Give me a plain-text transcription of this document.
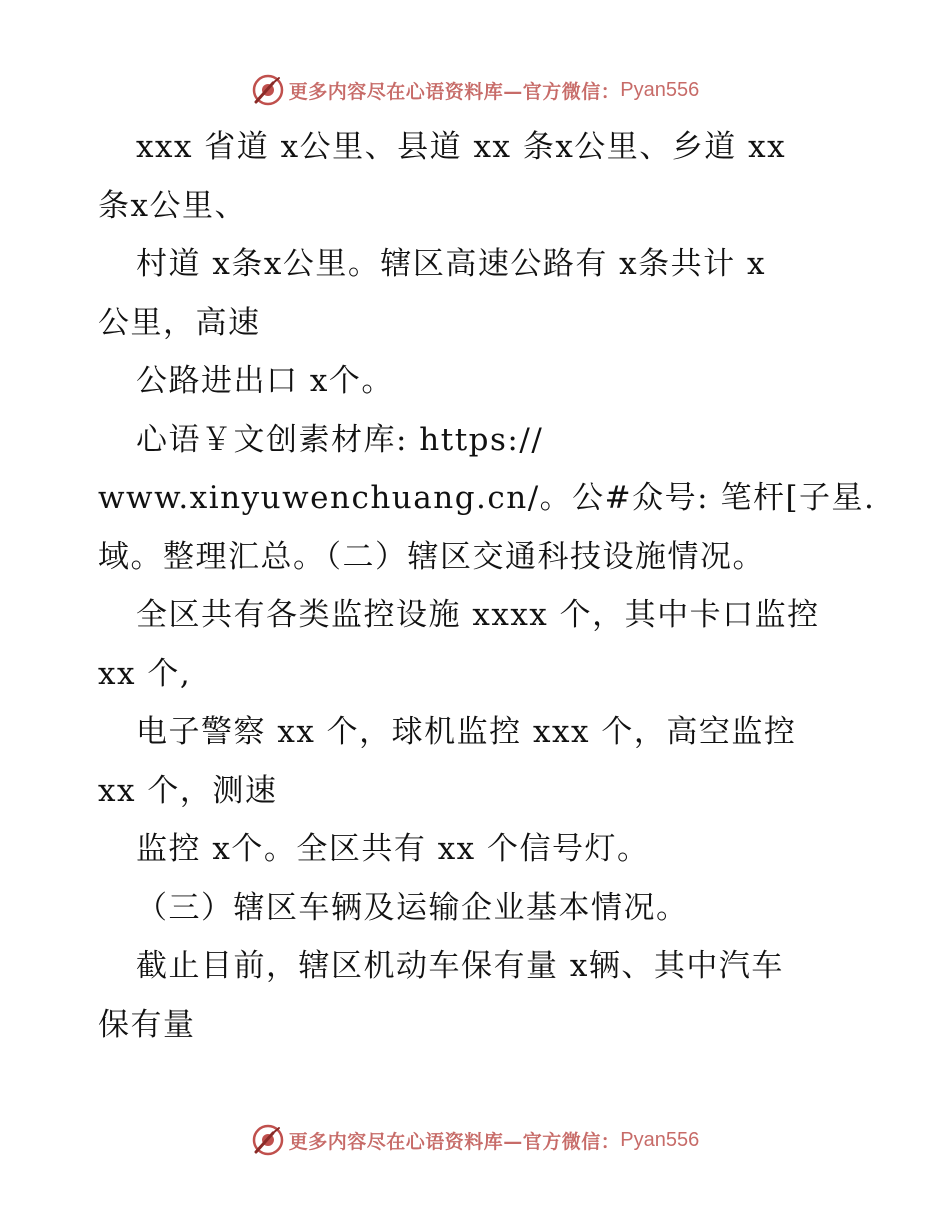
更多内容尽在心语资料库—官方微信： Pyan556
xxx 省道 x公里、县道 xx 条x公里、乡道 xx
条x公里、
村道 x条x公里。辖区高速公路有 x条共计 x
公里，高速
公路进出口 x个。
心语￥文创素材库: https://
www.xinyuwenchuang.cn/。公#众号: 笔杆[子星.
域。整理汇总。（二）辖区交通科技设施情况。
全区共有各类监控设施 xxxx 个，其中卡口监控
xx 个,
电子警察 xx 个，球机监控 xxx 个，高空监控
xx 个，测速
监控 x个。全区共有 xx 个信号灯。
（三）辖区车辆及运输企业基本情况。
截止目前，辖区机动车保有量 x辆、其中汽车
保有量
更多内容尽在心语资料库—官方微信： Pyan556
